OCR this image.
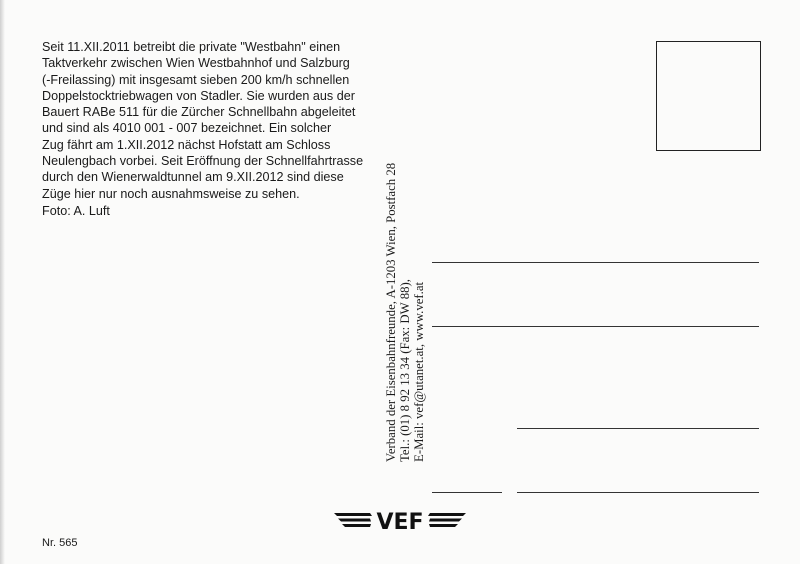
Seit 11.XII.2011 betreibt die private "Westbahn" einen
Taktverkehr zwischen Wien Westbahnhof und Salzburg
(-Freilassing) mit insgesamt sieben 200 km/h schnellen
Doppelstocktriebwagen von Stadler. Sie wurden aus der
Bauert RABe 511 für die Zürcher Schnellbahn abgeleitet
und sind als 4010 001 - 007 bezeichnet. Ein solcher
Zug fährt am 1.XII.2012 nächst Hofstatt am Schloss
Neulengbach vorbei. Seit Eröffnung der Schnellfahrtrasse
durch den Wienerwaldtunnel am 9.XII.2012 sind diese
Züge hier nur noch ausnahmsweise zu sehen.

Foto: A. Luft

Nr. 565
Verband der Eisenbahnfreunde, A-1203 Wien, Postfach 28 Tel.: (01) 8 92 13 34 (Fax: DW 88), E-Mail: vef@utanet.at, www.vef.at
VEF
